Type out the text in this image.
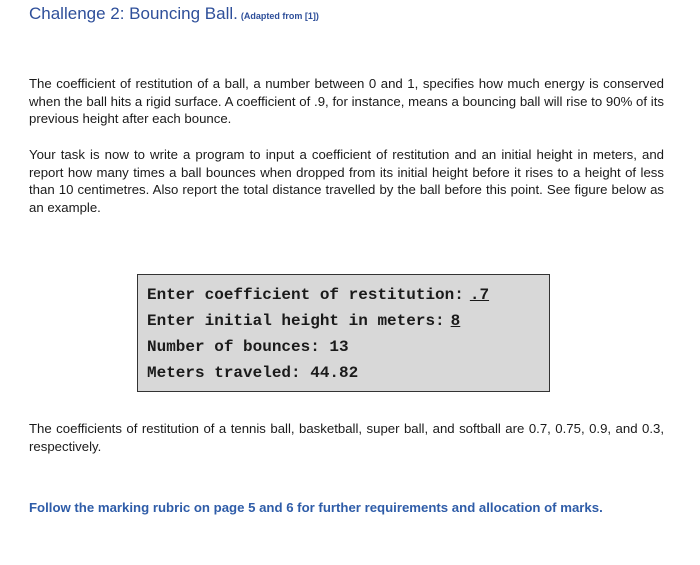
Challenge 2: Bouncing Ball. (Adapted from [1])

The coefficient of restitution of a ball, a number between 0 and 1, specifies how much energy is conserved when the ball hits a rigid surface. A coefficient of .9, for instance, means a bouncing ball will rise to 90% of its previous height after each bounce.

Your task is now to write a program to input a coefficient of restitution and an initial height in meters, and report how many times a ball bounces when dropped from its initial height before it rises to a height of less than 10 centimetres. Also report the total distance travelled by the ball before this point. See figure below as an example.

Enter coefficient of restitution: .7
Enter initial height in meters: 8
Number of bounces: 13
Meters traveled: 44.82

The coefficients of restitution of a tennis ball, basketball, super ball, and softball are 0.7, 0.75, 0.9, and 0.3, respectively.

Follow the marking rubric on page 5 and 6 for further requirements and allocation of marks.
